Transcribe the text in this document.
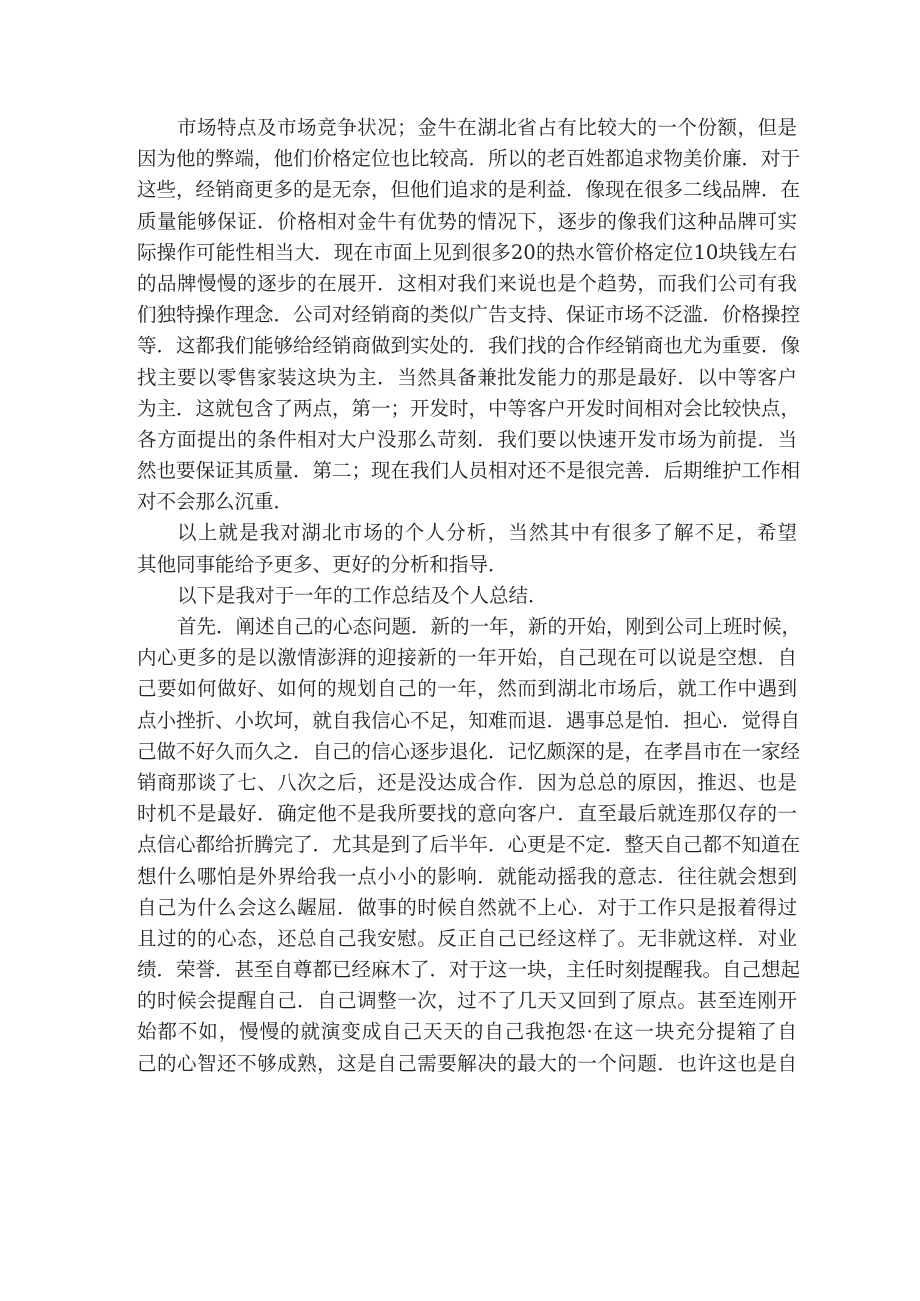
市场特点及市场竞争状况；金牛在湖北省占有比较大的一个份额，但是
因为他的弊端，他们价格定位也比较高．所以的老百姓都追求物美价廉．对于
这些，经销商更多的是无奈，但他们追求的是利益．像现在很多二线品牌．在
质量能够保证．价格相对金牛有优势的情况下，逐步的像我们这种品牌可实
际操作可能性相当大．现在市面上见到很多20的热水管价格定位10块钱左右
的品牌慢慢的逐步的在展开．这相对我们来说也是个趋势，而我们公司有我
们独特操作理念．公司对经销商的类似广告支持、保证市场不泛滥．价格操控
等．这都我们能够给经销商做到实处的．我们找的合作经销商也尤为重要．像
找主要以零售家装这块为主．当然具备兼批发能力的那是最好．以中等客户
为主．这就包含了两点，第一；开发时，中等客户开发时间相对会比较快点，
各方面提出的条件相对大户没那么苛刻．我们要以快速开发市场为前提．当
然也要保证其质量．第二；现在我们人员相对还不是很完善．后期维护工作相
对不会那么沉重．
以上就是我对湖北市场的个人分析，当然其中有很多了解不足，希望
其他同事能给予更多、更好的分析和指导．
以下是我对于一年的工作总结及个人总结．
首先．阐述自己的心态问题．新的一年，新的开始，刚到公司上班时候，
内心更多的是以激情澎湃的迎接新的一年开始，自己现在可以说是空想．自
己要如何做好、如何的规划自己的一年，然而到湖北市场后，就工作中遇到
点小挫折、小坎坷，就自我信心不足，知难而退．遇事总是怕．担心．觉得自
己做不好久而久之．自己的信心逐步退化．记忆颇深的是，在孝昌市在一家经
销商那谈了七、八次之后，还是没达成合作．因为总总的原因，推迟、也是
时机不是最好．确定他不是我所要找的意向客户．直至最后就连那仅存的一
点信心都给折腾完了．尤其是到了后半年．心更是不定．整天自己都不知道在
想什么哪怕是外界给我一点小小的影响．就能动摇我的意志．往往就会想到
自己为什么会这么龌屈．做事的时候自然就不上心．对于工作只是报着得过
且过的的心态，还总自己我安慰。反正自己已经这样了。无非就这样．对业
绩．荣誉．甚至自尊都已经麻木了．对于这一块，主任时刻提醒我。自己想起
的时候会提醒自己．自己调整一次，过不了几天又回到了原点。甚至连刚开
始都不如，慢慢的就演变成自己天天的自己我抱怨·在这一块充分提箱了自
己的心智还不够成熟，这是自己需要解决的最大的一个问题．也许这也是自
